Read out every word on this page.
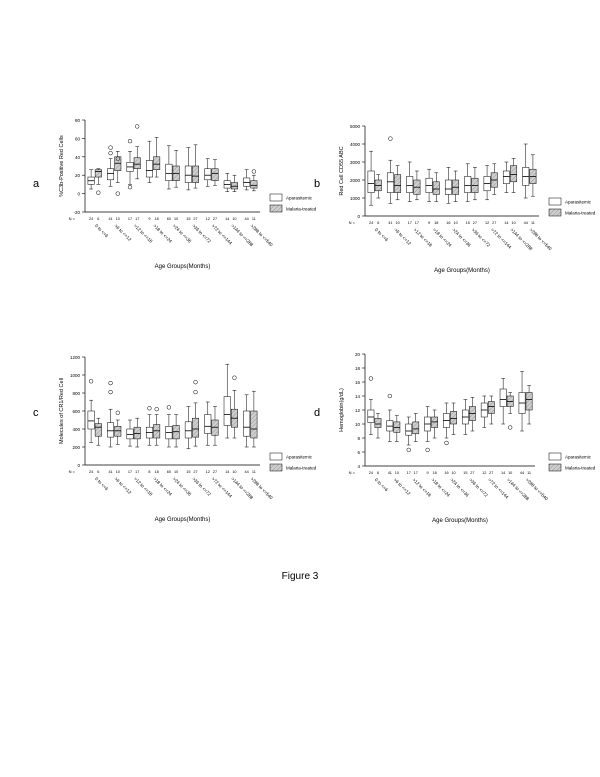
a	b
c	d
-20
0
20
40
60
80
%C3b-Positive Red Cells
N =
0 to <=6
24 6
>6 to <=12
41 10
>12 to <=18
17 17
>18 to <=24
9 18
>24 to <=36
60 10
>36 to <=72
15 27
>72 to <=144
12 27
>144 to <=288
14 10
>288 to <=540
44 11
Age Groups(Months)
Aparasitemic
Malaria-treated
0
1000
2000
3000
4000
5000
Red Cell CD55 ABC
N =
0 to <=6
24 6
>6 to <=12
41 10
>12 to <=18
17 17
>18 to <=24
9 18
>24 to <=36
16 10
>36 to <=72
15 27
>72 to <=144
12 27
>144 to <=288
14 10
>288 to <=540
44 11
Age Groups(Months)
Aparasitemic
Malaria-treated
0
200
400
600
800
1000
1200
Molecules of CR1/Red Cell
N =
0 to <=6
24 6
>6 to <=12
41 10
>12 to <=18
17 17
>18 to <=24
8 18
>24 to <=36
60 10
>36 to <=72
15 27
>72 to <=144
12 27
>144 to <=288
14 10
>288 to <=540
44 11
Age Groups(Months)
Aparasitemic
Malaria-treated	4
6
8
10
12
14
16
18
20
Hemoglobin(g/dL)
N =
0 to <=6
24 6
>6 to <=12
41 10
>12 to <=18
17 17
>18 to <=24
9 18
>24 to <=36
16 10
>36 to <=72
15 27
>72 to <=144
12 27
>144 to <=288
14 10
>288 to <=540
44 11
Age Groups(Months)
Aparasitemic
Malaria-treated
Figure 3
